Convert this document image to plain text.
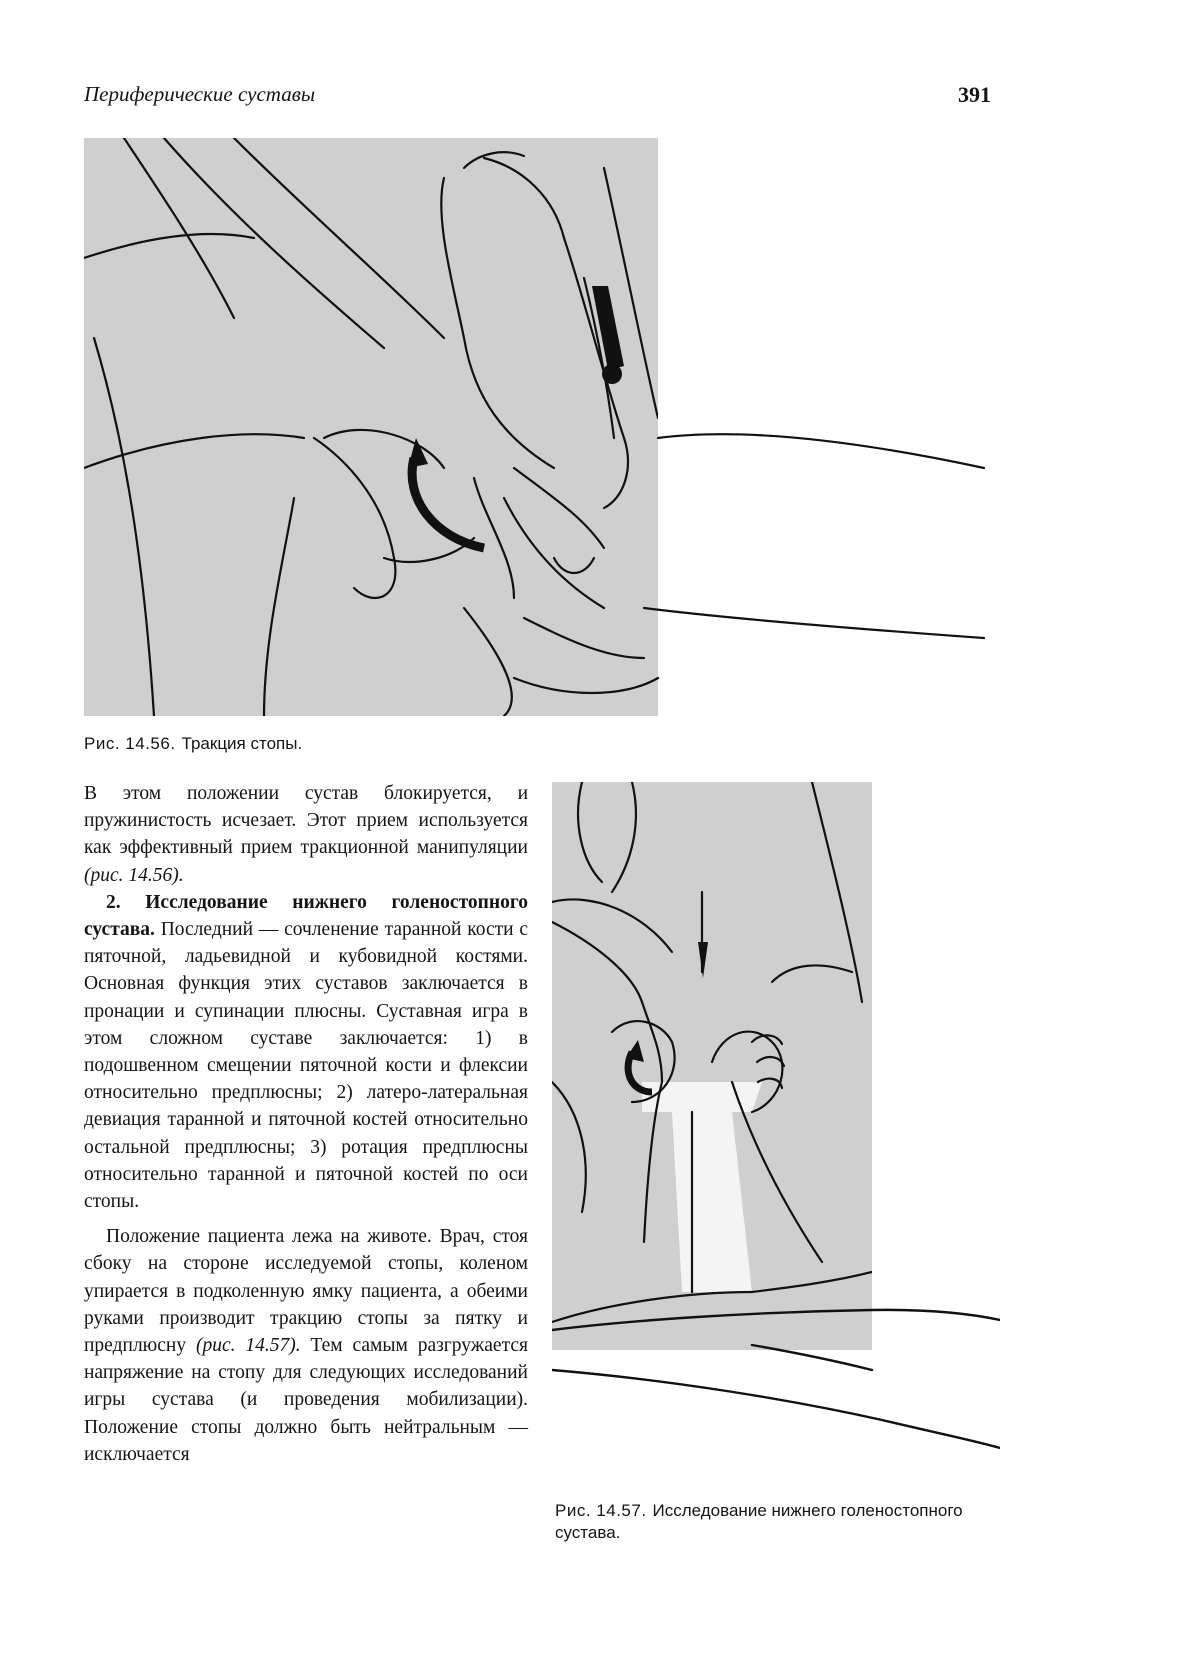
Периферические суставы	391
Рис. 14.56. Тракция стопы.
Рис. 14.57. Исследование нижнего голеностопного сустава.

В этом положении сустав блокируется, и пружинистость исчезает. Этот прием используется как эффективный прием тракционной манипуляции (рис. 14.56).

2. Исследование нижнего голеностопного сустава. Последний — сочленение таранной кости с пяточной, ладьевидной и кубовидной костями. Основная функция этих суставов заключается в пронации и супинации плюсны. Суставная игра в этом сложном суставе заключается: 1) в подошвенном смещении пяточной кости и флексии относительно предплюсны; 2) латеро-латеральная девиация таранной и пяточной костей относительно остальной предплюсны; 3) ротация предплюсны относительно таранной и пяточной костей по оси стопы.

Положение пациента лежа на животе. Врач, стоя сбоку на стороне исследуемой стопы, коленом упирается в подколенную ямку пациента, а обеими руками производит тракцию стопы за пятку и предплюсну (рис. 14.57). Тем самым разгружается напряжение на стопу для следующих исследований игры сустава (и проведения мобилизации). Положение стопы должно быть нейтральным — исключается
